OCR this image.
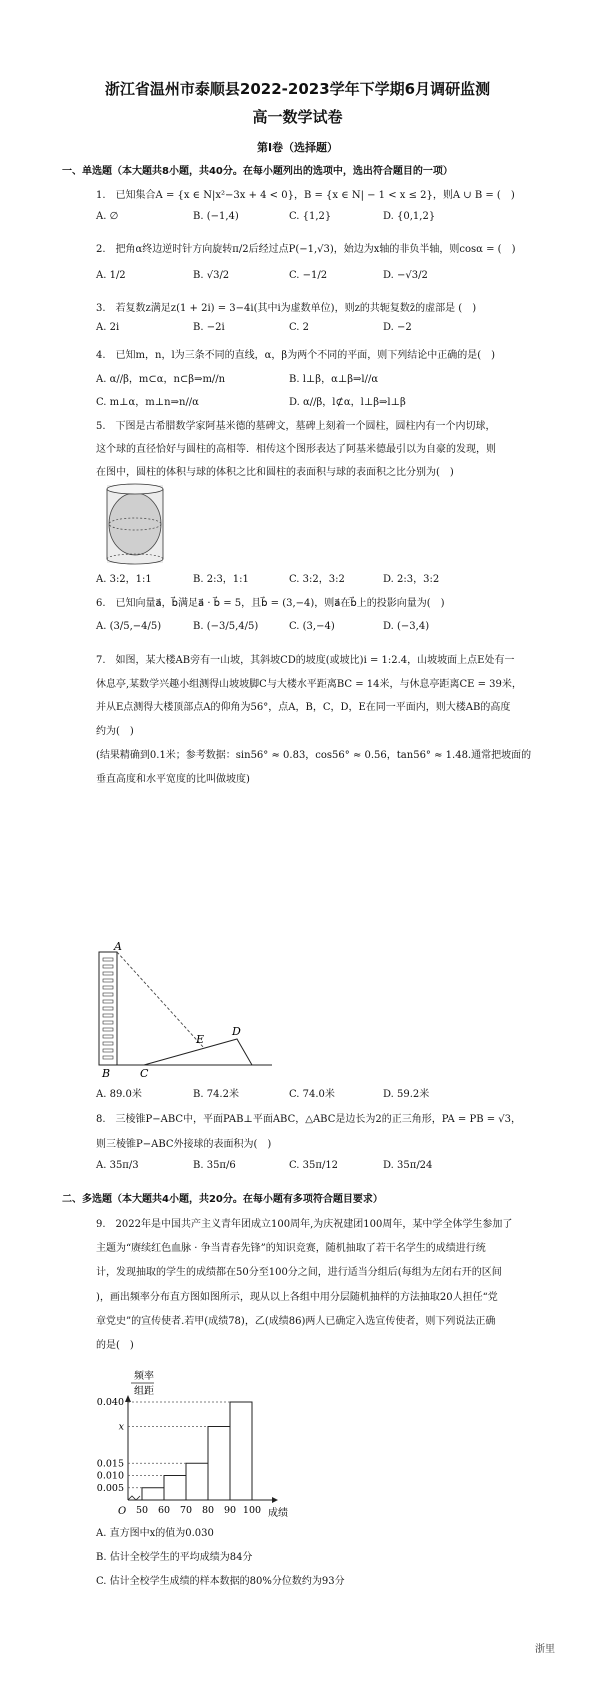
浙江省温州市泰顺县2022-2023学年下学期6月调研监测
高一数学试卷
第I卷（选择题）
一、单选题（本大题共8小题，共40分。在每小题列出的选项中，选出符合题目的一项）
1.　已知集合A = {x ∈ N|x²−3x + 4 < 0}，B = {x ∈ N| − 1 < x ≤ 2}，则A ∪ B = (　)
A. ∅	B. (−1,4)	C. {1,2}	D. {0,1,2}
2.　把角α终边逆时针方向旋转π/2后经过点P(−1,√3)，始边为x轴的非负半轴，则cosα = (　)
A. 1/2	B. √3/2	C. −1/2	D. −√3/2
3.　若复数z满足z(1 + 2i) = 3−4i(其中i为虚数单位)，则z的共轭复数z̄的虚部是 (　)
A. 2i	B. −2i	C. 2	D. −2
4.　已知m，n，l为三条不同的直线，α，β为两个不同的平面，则下列结论中正确的是(　)
A. α//β，m⊂α，n⊂β⇒m//n	B. l⊥β，α⊥β⇒l//α
C. m⊥α，m⊥n⇒n//α	D. α//β，l⊄α，l⊥β⇒l⊥β
5.　下图是古希腊数学家阿基米德的墓碑文，墓碑上刻着一个圆柱，圆柱内有一个内切球，
这个球的直径恰好与圆柱的高相等．相传这个图形表达了阿基米德最引以为自豪的发现，则
在图中，圆柱的体积与球的体积之比和圆柱的表面积与球的表面积之比分别为(　)
A. 3:2，1:1	B. 2:3，1:1	C. 3:2，3:2	D. 2:3，3:2
6.　已知向量a⃗，b⃗满足a⃗ · b⃗ = 5，且b⃗ = (3,−4)，则a⃗在b⃗上的投影向量为(　)
A. (3/5,−4/5)	B. (−3/5,4/5)	C. (3,−4)	D. (−3,4)
7.　如图，某大楼AB旁有一山坡，其斜坡CD的坡度(或坡比)i = 1:2.4，山坡坡面上点E处有一
休息亭,某数学兴趣小组测得山坡坡脚C与大楼水平距离BC = 14米，与休息亭距离CE = 39米，
并从E点测得大楼顶部点A的仰角为56°，点A，B，C，D，E在同一平面内，则大楼AB的高度
约为(　)
(结果精确到0.1米；参考数据：sin56° ≈ 0.83，cos56° ≈ 0.56，tan56° ≈ 1.48.通常把坡面的
垂直高度和水平宽度的比叫做坡度)
A
B	C
D
E
A. 89.0米	B. 74.2米	C. 74.0米	D. 59.2米
8.　三棱锥P−ABC中，平面PAB⊥平面ABC，△ABC是边长为2的正三角形，PA = PB = √3，
则三棱锥P−ABC外接球的表面积为(　)
A. 35π/3	B. 35π/6	C. 35π/12	D. 35π/24
二、多选题（本大题共4小题，共20分。在每小题有多项符合题目要求）
9.　2022年是中国共产主义青年团成立100周年,为庆祝建团100周年，某中学全体学生参加了
主题为“赓续红色血脉 · 争当青春先锋”的知识竞赛，随机抽取了若干名学生的成绩进行统
计，发现抽取的学生的成绩都在50分至100分之间，进行适当分组后(每组为左闭右开的区间
)，画出频率分布直方图如图所示，现从以上各组中用分层随机抽样的方法抽取20人担任“党
章党史”的宣传使者.若甲(成绩78)，乙(成绩86)两人已确定入选宣传使者，则下列说法正确
的是(　)
频率
组距
成绩
O
0.040
x
0.015
0.010
0.005
50 60 70 80 90 100
A. 直方图中x的值为0.030
B. 估计全校学生的平均成绩为84分
C. 估计全校学生成绩的样本数据的80%分位数约为93分
浙里
